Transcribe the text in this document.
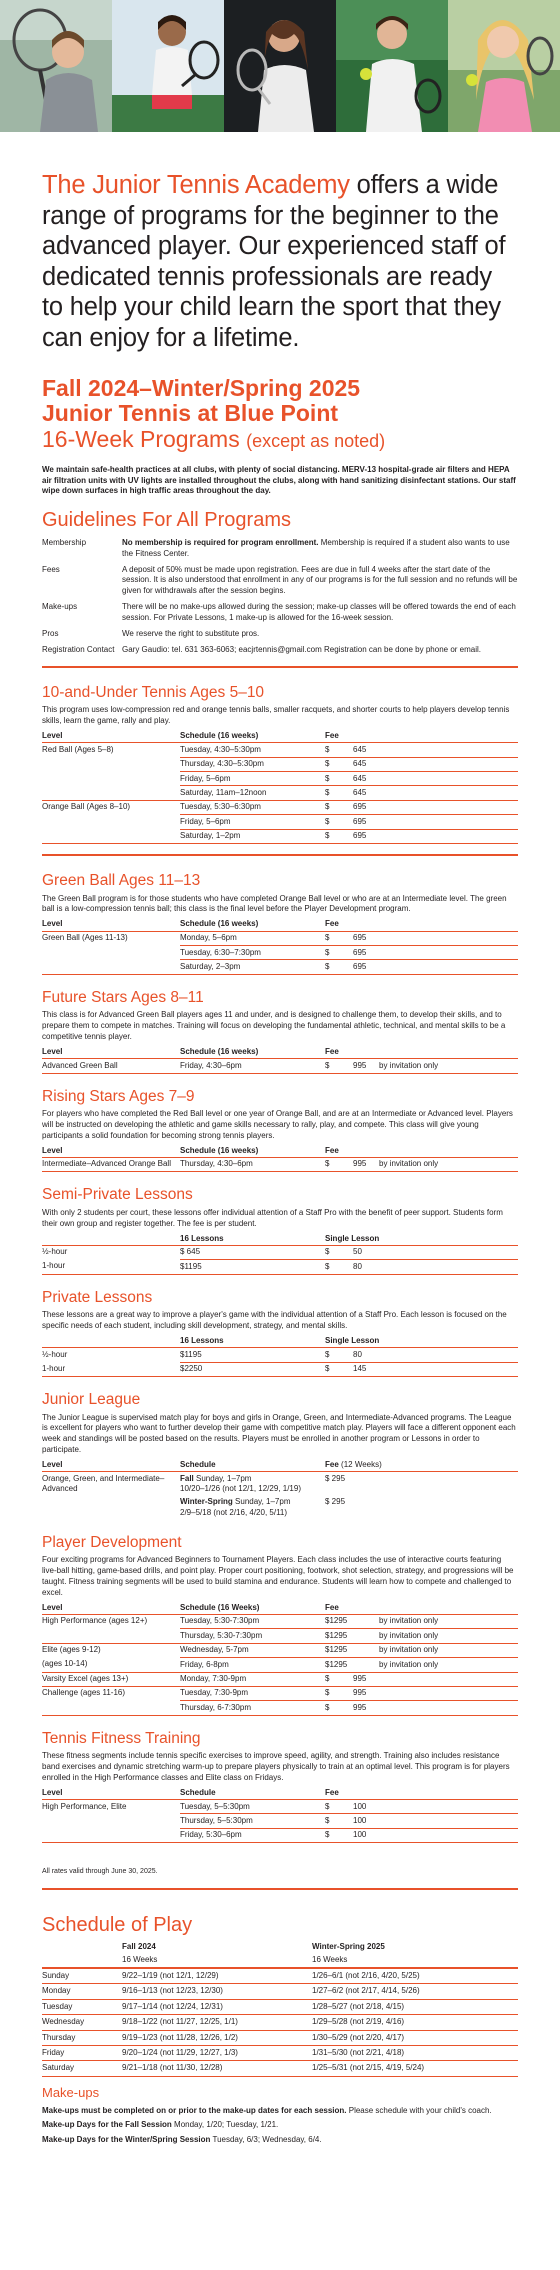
The Junior Tennis Academy offers a wide range of programs for the beginner to the advanced player. Our experienced staff of dedicated tennis professionals are ready to help your child learn the sport that they can enjoy for a lifetime.

Fall 2024–Winter/Spring 2025
Junior Tennis at Blue Point
16-Week Programs (except as noted)

We maintain safe-health practices at all clubs, with plenty of social distancing. MERV-13 hospital-grade air filters and HEPA air filtration units with UV lights are installed throughout the clubs, along with hand sanitizing disinfectant stations. Our staff wipe down surfaces in high traffic areas throughout the day.

Guidelines For All Programs
Membership	No membership is required for program enrollment. Membership is required if a student also wants to use the Fitness Center.
Fees	A deposit of 50% must be made upon registration. Fees are due in full 4 weeks after the start date of the session. It is also understood that enrollment in any of our programs is for the full session and no refunds will be given for withdrawals after the session begins.
Make-ups	There will be no make-ups allowed during the session; make-up classes will be offered towards the end of each session. For Private Lessons, 1 make-up is allowed for the 16-week session.
Pros	We reserve the right to substitute pros.
Registration Contact Gary Gaudio: tel. 631 363-6063; eacjrtennis@gmail.com Registration can be done by phone or email.
10-and-Under Tennis Ages 5–10

This program uses low-compression red and orange tennis balls, smaller racquets, and shorter courts to help players develop tennis skills, learn the game, rally and play.

Level	Schedule (16 weeks)	Fee		
Red Ball (Ages 5–8)	Tuesday, 4:30–5:30pm	$	645	
	Thursday, 4:30–5:30pm	$	645	
	Friday, 5–6pm	$	645	
	Saturday, 11am–12noon	$	645	
Orange Ball (Ages 8–10)	Tuesday, 5:30–6:30pm	$	695	
	Friday, 5–6pm	$	695	
	Saturday, 1–2pm	$	695	
Green Ball Ages 11–13

The Green Ball program is for those students who have completed Orange Ball level or who are at an Intermediate level. The green ball is a low-compression tennis ball; this class is the final level before the Player Development program.

Level	Schedule (16 weeks)	Fee		
Green Ball (Ages 11-13)	Monday, 5–6pm	$	695	
	Tuesday, 6:30–7:30pm	$	695	
	Saturday, 2–3pm	$	695	
Future Stars Ages 8–11

This class is for Advanced Green Ball players ages 11 and under, and is designed to challenge them, to develop their skills, and to prepare them to compete in matches. Training will focus on developing the fundamental athletic, technical, and mental skills to be a competitive tennis player.

Level	Schedule (16 weeks)	Fee		
Advanced Green Ball	Friday, 4:30–6pm	$	995	by invitation only
Rising Stars Ages 7–9

For players who have completed the Red Ball level or one year of Orange Ball, and are at an Intermediate or Advanced level. Players will be instructed on developing the athletic and game skills necessary to rally, play, and compete. This class will give young participants a solid foundation for becoming strong tennis players.

Level	Schedule (16 weeks)	Fee		
Intermediate–Advanced Orange Ball	Thursday, 4:30–6pm	$	995	by invitation only
Semi-Private Lessons

With only 2 students per court, these lessons offer individual attention of a Staff Pro with the benefit of peer support. Students form their own group and register together. The fee is per student.

	16 Lessons	Single Lesson		
½-hour	$ 645	$	50	
1-hour	$1195	$	80	
Private Lessons

These lessons are a great way to improve a player's game with the individual attention of a Staff Pro. Each lesson is focused on the specific needs of each student, including skill development, strategy, and mental skills.

	16 Lessons	Single Lesson		
½-hour	$1195	$	80	
1-hour	$2250	$	145	
Junior League

The Junior League is supervised match play for boys and girls in Orange, Green, and Intermediate-Advanced programs. The League is excellent for players who want to further develop their game with competitive match play. Players will face a different opponent each week and standings will be posted based on the results. Players must be enrolled in another program or Lessons in order to participate.

Level	Schedule	Fee (12 Weeks)
Orange, Green, and Intermediate–Advanced	Fall Sunday, 1–7pm
10/20–1/26 (not 12/1, 12/29, 1/19)	$ 295
	Winter-Spring Sunday, 1–7pm
2/9–5/18 (not 2/16, 4/20, 5/11)	$ 295
Player Development

Four exciting programs for Advanced Beginners to Tournament Players. Each class includes the use of interactive courts featuring live-ball hitting, game-based drills, and point play. Proper court positioning, footwork, shot selection, strategy, and progressions will be taught. Fitness training segments will be used to build stamina and endurance. Students will learn how to compete and challenged to excel.

Level	Schedule (16 Weeks)	Fee		
High Performance (ages 12+)	Tuesday, 5:30-7:30pm	$1295		by invitation only
	Thursday, 5:30-7:30pm	$1295		by invitation only
Elite (ages 9-12)	Wednesday, 5-7pm	$1295		by invitation only
(ages 10-14)	Friday, 6-8pm	$1295		by invitation only
Varsity Excel (ages 13+)	Monday, 7:30-9pm	$	995	
Challenge (ages 11-16)	Tuesday, 7:30-9pm	$	995	
	Thursday, 6-7:30pm	$	995	
Tennis Fitness Training

These fitness segments include tennis specific exercises to improve speed, agility, and strength. Training also includes resistance band exercises and dynamic stretching warm-up to prepare players physically to train at an optimal level. This program is for players enrolled in the High Performance classes and Elite class on Fridays.

Level	Schedule	Fee		
High Performance, Elite	Tuesday, 5–5:30pm	$	100	
	Thursday, 5–5:30pm	$	100	
	Friday, 5:30–6pm	$	100	

All rates valid through June 30, 2025.

Schedule of Play
	Fall 2024	Winter-Spring 2025
	16 Weeks	16 Weeks
Sunday	9/22–1/19 (not 12/1, 12/29)	1/26–6/1 (not 2/16, 4/20, 5/25)
Monday	9/16–1/13 (not 12/23, 12/30)	1/27–6/2 (not 2/17, 4/14, 5/26)
Tuesday	9/17–1/14 (not 12/24, 12/31)	1/28–5/27 (not 2/18, 4/15)
Wednesday	9/18–1/22 (not 11/27, 12/25, 1/1)	1/29–5/28 (not 2/19, 4/16)
Thursday	9/19–1/23 (not 11/28, 12/26, 1/2)	1/30–5/29 (not 2/20, 4/17)
Friday	9/20–1/24 (not 11/29, 12/27, 1/3)	1/31–5/30 (not 2/21, 4/18)
Saturday	9/21–1/18 (not 11/30, 12/28)	1/25–5/31 (not 2/15, 4/19, 5/24)
Make-ups

Make-ups must be completed on or prior to the make-up dates for each session. Please schedule with your child's coach.

Make-up Days for the Fall Session Monday, 1/20; Tuesday, 1/21.

Make-up Days for the Winter/Spring Session Tuesday, 6/3; Wednesday, 6/4.
